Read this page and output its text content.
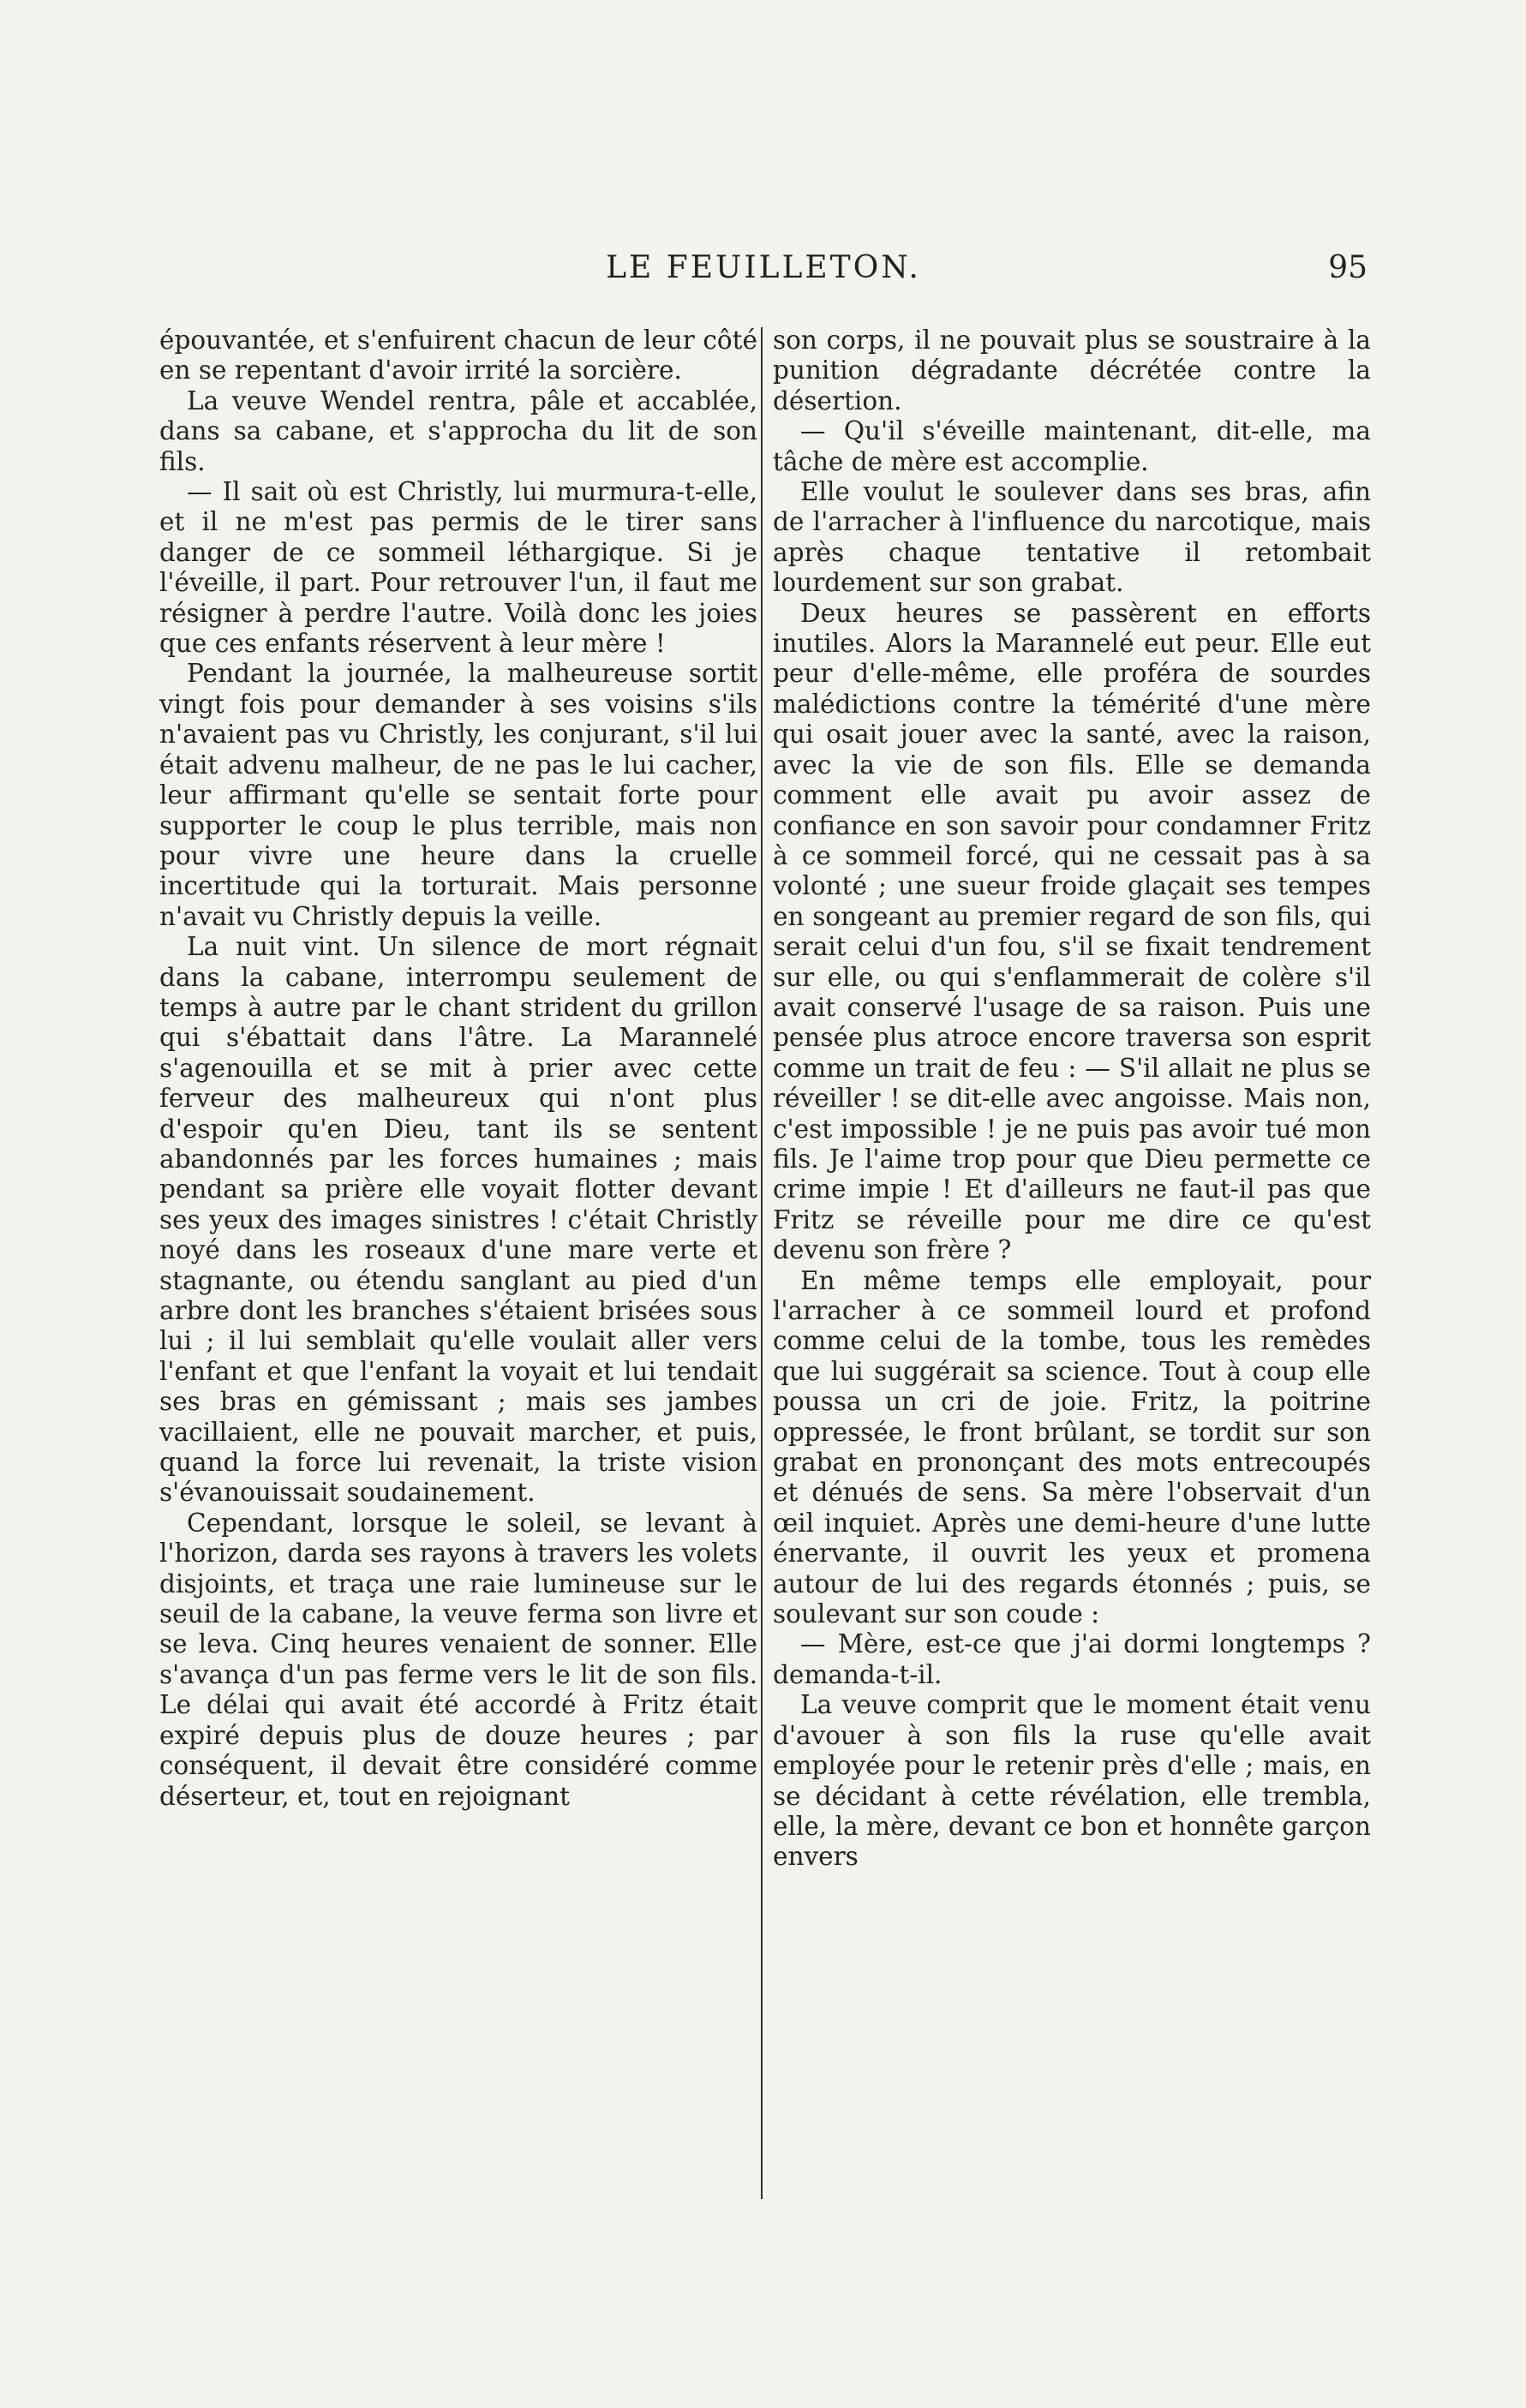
LE FEUILLETON.	95

épouvantée, et s'enfuirent chacun de leur côté en se repentant d'avoir irrité la sorcière.

La veuve Wendel rentra, pâle et accablée, dans sa cabane, et s'approcha du lit de son fils.

— Il sait où est Christly, lui murmura-t-elle, et il ne m'est pas permis de le tirer sans danger de ce sommeil léthargique. Si je l'éveille, il part. Pour retrouver l'un, il faut me résigner à perdre l'autre. Voilà donc les joies que ces enfants réservent à leur mère !

Pendant la journée, la malheureuse sortit vingt fois pour demander à ses voisins s'ils n'avaient pas vu Christly, les conjurant, s'il lui était advenu malheur, de ne pas le lui cacher, leur affirmant qu'elle se sentait forte pour supporter le coup le plus terrible, mais non pour vivre une heure dans la cruelle incertitude qui la torturait. Mais personne n'avait vu Christly depuis la veille.

La nuit vint. Un silence de mort régnait dans la cabane, interrompu seulement de temps à autre par le chant strident du grillon qui s'ébattait dans l'âtre. La Marannelé s'agenouilla et se mit à prier avec cette ferveur des malheureux qui n'ont plus d'espoir qu'en Dieu, tant ils se sentent abandonnés par les forces humaines ; mais pendant sa prière elle voyait flotter devant ses yeux des images sinistres ! c'était Christly noyé dans les roseaux d'une mare verte et stagnante, ou étendu sanglant au pied d'un arbre dont les branches s'étaient brisées sous lui ; il lui semblait qu'elle voulait aller vers l'enfant et que l'enfant la voyait et lui tendait ses bras en gémissant ; mais ses jambes vacillaient, elle ne pouvait marcher, et puis, quand la force lui revenait, la triste vision s'évanouissait soudainement.

Cependant, lorsque le soleil, se levant à l'horizon, darda ses rayons à travers les volets disjoints, et traça une raie lumineuse sur le seuil de la cabane, la veuve ferma son livre et se leva. Cinq heures venaient de sonner. Elle s'avança d'un pas ferme vers le lit de son fils. Le délai qui avait été accordé à Fritz était expiré depuis plus de douze heures ; par conséquent, il devait être considéré comme déserteur, et, tout en rejoignant

son corps, il ne pouvait plus se soustraire à la punition dégradante décrétée contre la désertion.

— Qu'il s'éveille maintenant, dit-elle, ma tâche de mère est accomplie.

Elle voulut le soulever dans ses bras, afin de l'arracher à l'influence du narcotique, mais après chaque tentative il retombait lourdement sur son grabat.

Deux heures se passèrent en efforts inutiles. Alors la Marannelé eut peur. Elle eut peur d'elle-même, elle proféra de sourdes malédictions contre la témérité d'une mère qui osait jouer avec la santé, avec la raison, avec la vie de son fils. Elle se demanda comment elle avait pu avoir assez de confiance en son savoir pour condamner Fritz à ce sommeil forcé, qui ne cessait pas à sa volonté ; une sueur froide glaçait ses tempes en songeant au premier regard de son fils, qui serait celui d'un fou, s'il se fixait tendrement sur elle, ou qui s'enflammerait de colère s'il avait conservé l'usage de sa raison. Puis une pensée plus atroce encore traversa son esprit comme un trait de feu : — S'il allait ne plus se réveiller ! se dit-elle avec angoisse. Mais non, c'est impossible ! je ne puis pas avoir tué mon fils. Je l'aime trop pour que Dieu permette ce crime impie ! Et d'ailleurs ne faut-il pas que Fritz se réveille pour me dire ce qu'est devenu son frère ?

En même temps elle employait, pour l'arracher à ce sommeil lourd et profond comme celui de la tombe, tous les remèdes que lui suggérait sa science. Tout à coup elle poussa un cri de joie. Fritz, la poitrine oppressée, le front brûlant, se tordit sur son grabat en prononçant des mots entrecoupés et dénués de sens. Sa mère l'observait d'un œil inquiet. Après une demi-heure d'une lutte énervante, il ouvrit les yeux et promena autour de lui des regards étonnés ; puis, se soulevant sur son coude :

— Mère, est-ce que j'ai dormi longtemps ? demanda-t-il.

La veuve comprit que le moment était venu d'avouer à son fils la ruse qu'elle avait employée pour le retenir près d'elle ; mais, en se décidant à cette révélation, elle trembla, elle, la mère, devant ce bon et honnête garçon envers
